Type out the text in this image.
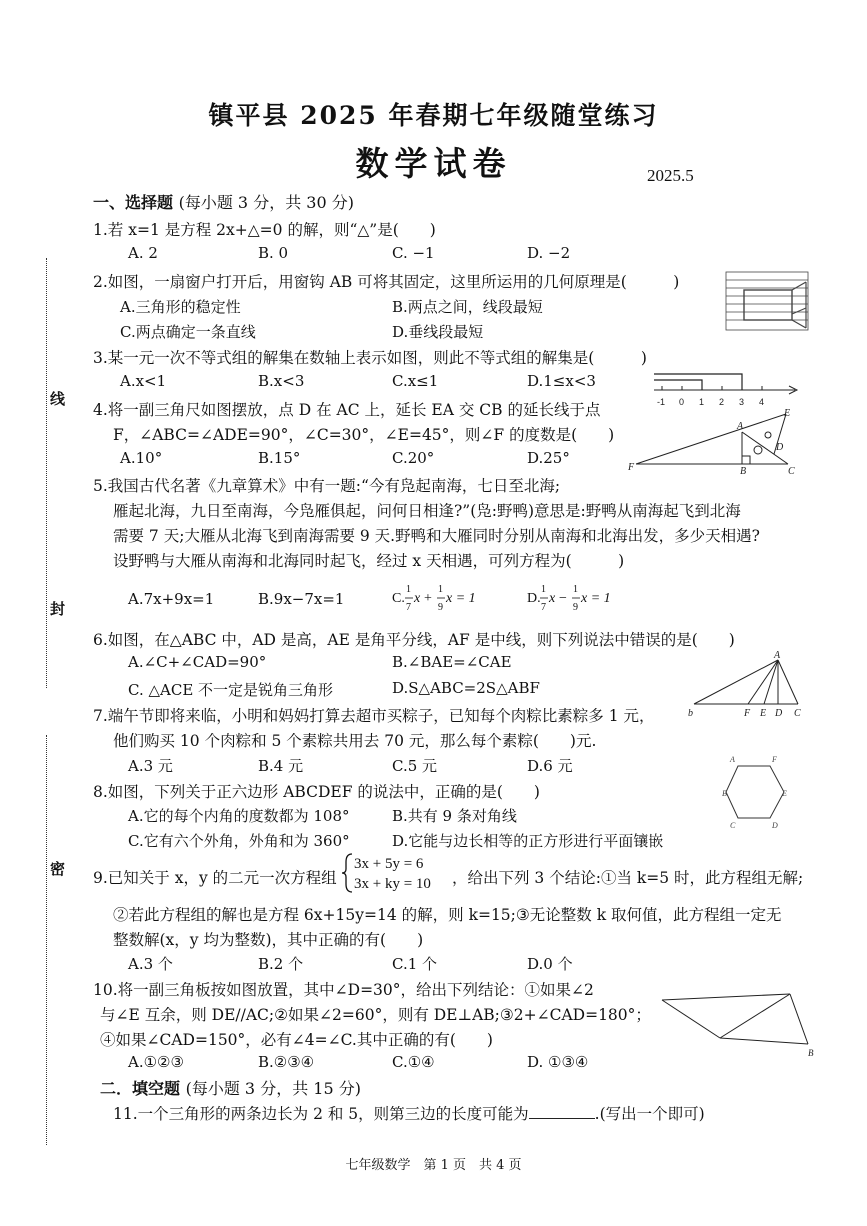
线
封
密
镇平县 2025 年春期七年级随堂练习
数学试卷	2025.5
一、选择题 (每小题 3 分，共 30 分)
1.若 x=1 是方程 2x+△=0 的解，则“△”是(　　)
A. 2	B. 0	C. −1	D. −2
2.如图，一扇窗户打开后，用窗钩 AB 可将其固定，这里所运用的几何原理是(　　　)
A.三角形的稳定性	B.两点之间，线段最短
C.两点确定一条直线	D.垂线段最短
3.某一元一次不等式组的解集在数轴上表示如图，则此不等式组的解集是(　　　)
A.x<1	B.x<3	C.x≤1	D.1≤x<3
-1 0 1 2 3 4
4.将一副三角尺如图摆放，点 D 在 AC 上，延长 EA 交 CB 的延长线于点
F，∠ABC=∠ADE=90°，∠C=30°，∠E=45°，则∠F 的度数是(　　)
A.10°	B.15°	C.20°	D.25°
A
B	C
D
E
F
5.我国古代名著《九章算术》中有一题:“今有凫起南海，七日至北海;
雁起北海，九日至南海，今凫雁俱起，问何日相逢?”(凫:野鸭)意思是:野鸭从南海起飞到北海
需要 7 天;大雁从北海飞到南海需要 9 天.野鸭和大雁同时分别从南海和北海出发，多少天相遇?
设野鸭与大雁从南海和北海同时起飞，经过 x 天相遇，可列方程为(　　　)
A.7x+9x=1	B.9x−7x=1	C.
1
7
x +
1
9
x = 1	D.
1
7
x −
1
9
x = 1
6.如图，在△ABC 中，AD 是高，AE 是角平分线，AF 是中线，则下列说法中错误的是(　　)
A.∠C+∠CAD=90°	B.∠BAE=∠CAE
C. △ACE 不一定是锐角三角形	D.S△ABC=2S△ABF
A
b	F E D C
7.端午节即将来临，小明和妈妈打算去超市买粽子，已知每个肉粽比素粽多 1 元，
他们购买 10 个肉粽和 5 个素粽共用去 70 元，那么每个素粽(　　)元.
A.3 元	B.4 元	C.5 元	D.6 元
8.如图，下列关于正六边形 ABCDEF 的说法中，正确的是(　　)
A.它的每个内角的度数都为 108°	B.共有 9 条对角线
C.它有六个外角，外角和为 360°	D.它能与边长相等的正方形进行平面镶嵌
A
B
C	D
E
F
9.已知关于 x，y 的二元一次方程组
3x + 5y = 6
3x + ky = 10 ，给出下列 3 个结论:①当 k=5 时，此方程组无解;
②若此方程组的解也是方程 6x+15y=14 的解，则 k=15;③无论整数 k 取何值，此方程组一定无
整数解(x，y 均为整数)，其中正确的有(　　)
A.3 个	B.2 个	C.1 个	D.0 个
10.将一副三角板按如图放置，其中∠D=30°，给出下列结论：①如果∠2
与∠E 互余，则 DE//AC;②如果∠2=60°，则有 DE⊥AB;③2+∠CAD=180°；
④如果∠CAD=150°，必有∠4=∠C.其中正确的有(　　)
A.①②③	B.②③④	C.①④	D. ①③④	B
二．填空题 (每小题 3 分，共 15 分)
11.一个三角形的两条边长为 2 和 5，则第三边的长度可能为	.(写出一个即可)
七年级数学　第 1 页　共 4 页
